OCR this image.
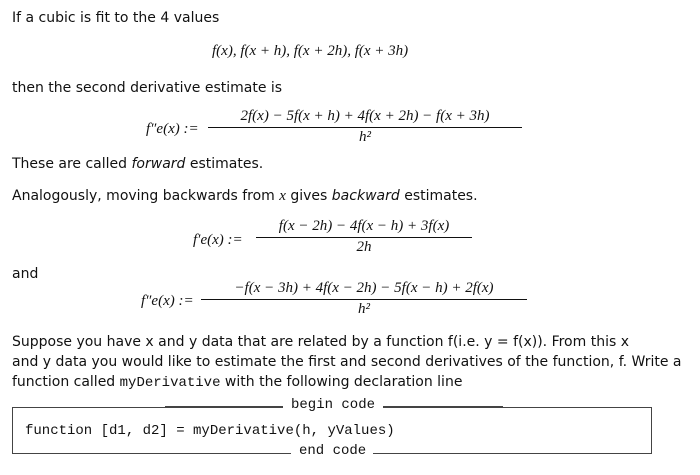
If a cubic is fit to the 4 values
f(x), f(x + h), f(x + 2h), f(x + 3h)
then the second derivative estimate is
f″e(x) :=
2f(x) − 5f(x + h) + 4f(x + 2h) − f(x + 3h)
h²
These are called forward estimates.
Analogously, moving backwards from x gives backward estimates.
f′e(x) :=
f(x − 2h) − 4f(x − h) + 3f(x)
2h
and
f″e(x) :=
−f(x − 3h) + 4f(x − 2h) − 5f(x − h) + 2f(x)
h²
Suppose you have x and y data that are related by a function f(i.e. y = f(x)). From this x
and y data you would like to estimate the first and second derivatives of the function, f. Write a
function called myDerivative with the following declaration line
function [d1, d2] = myDerivative(h, yValues)
begin code
end code
